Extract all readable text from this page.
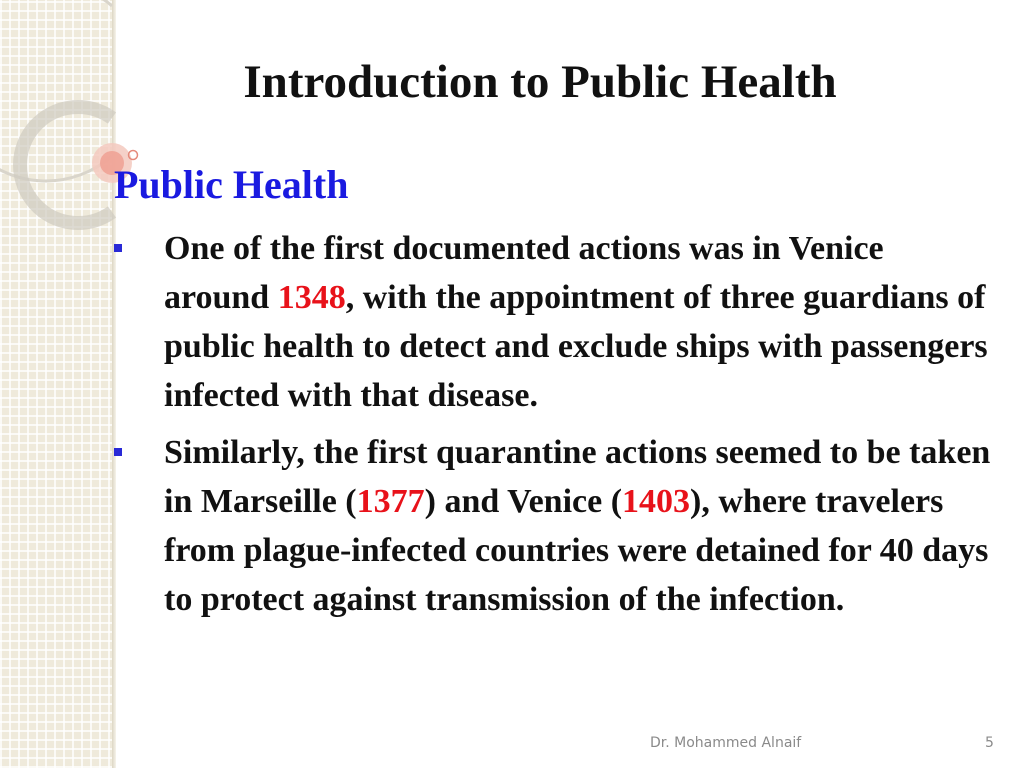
Introduction to Public Health
Public Health
One of the first documented actions was in Venice around 1348, with the appointment of three guardians of public health to detect and exclude ships with passengers infected with that disease.
Similarly, the first quarantine actions seemed to be taken in Marseille (1377) and Venice (1403), where travelers from plague-infected countries were detained for 40 days to protect against transmission of the infection.
Dr. Mohammed Alnaif	5
